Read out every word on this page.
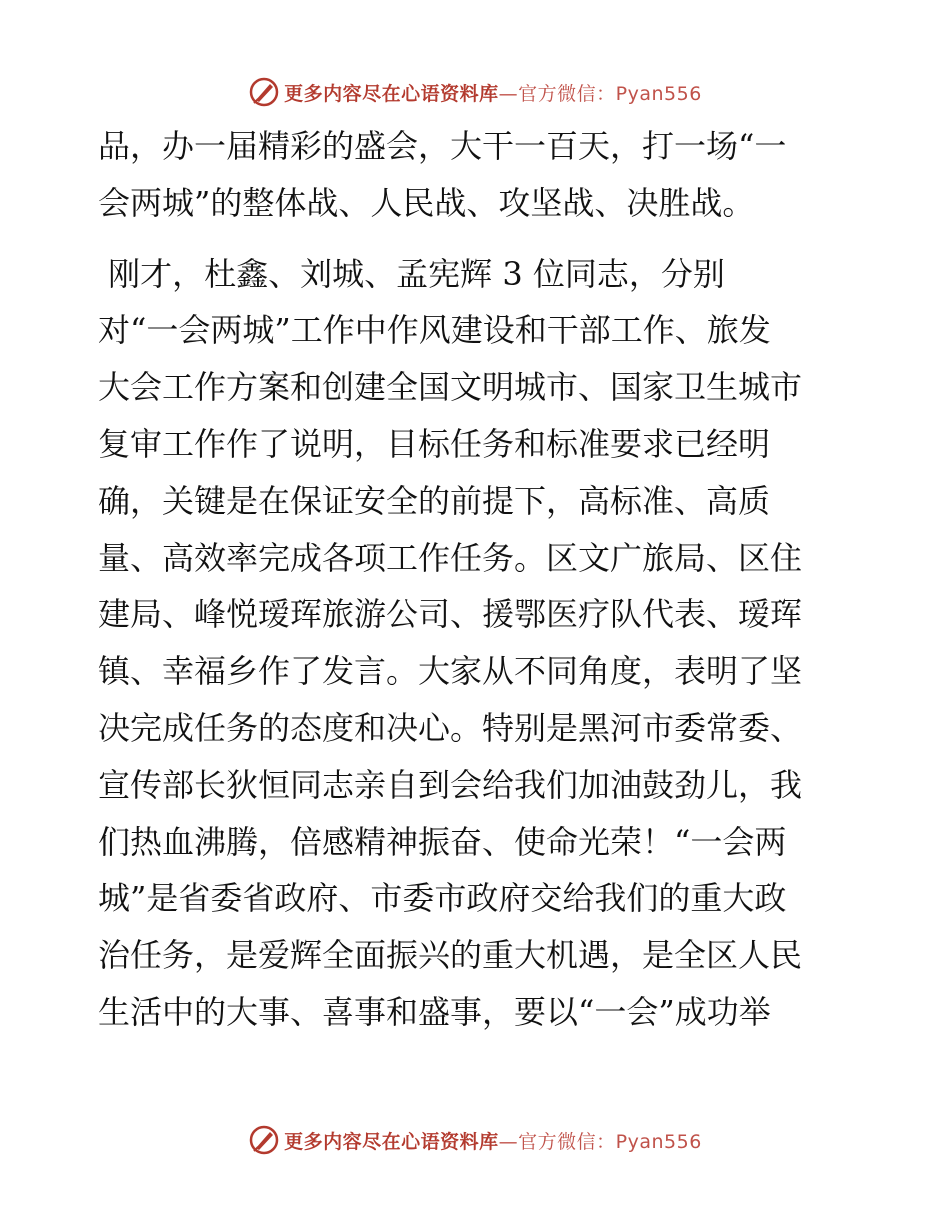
更多内容尽在心语资料库—官方微信：Pyan556

品，办一届精彩的盛会，大干一百天，打一场“一
会两城”的整体战、人民战、攻坚战、决胜战。

刚才，杜鑫、刘城、孟宪辉 3 位同志，分别
对“一会两城”工作中作风建设和干部工作、旅发
大会工作方案和创建全国文明城市、国家卫生城市
复审工作作了说明，目标任务和标准要求已经明
确，关键是在保证安全的前提下，高标准、高质
量、高效率完成各项工作任务。区文广旅局、区住
建局、峰悦瑷珲旅游公司、援鄂医疗队代表、瑷珲
镇、幸福乡作了发言。大家从不同角度，表明了坚
决完成任务的态度和决心。特别是黑河市委常委、
宣传部长狄恒同志亲自到会给我们加油鼓劲儿，我
们热血沸腾，倍感精神振奋、使命光荣！“一会两
城”是省委省政府、市委市政府交给我们的重大政
治任务，是爱辉全面振兴的重大机遇，是全区人民
生活中的大事、喜事和盛事，要以“一会”成功举

更多内容尽在心语资料库—官方微信：Pyan556
